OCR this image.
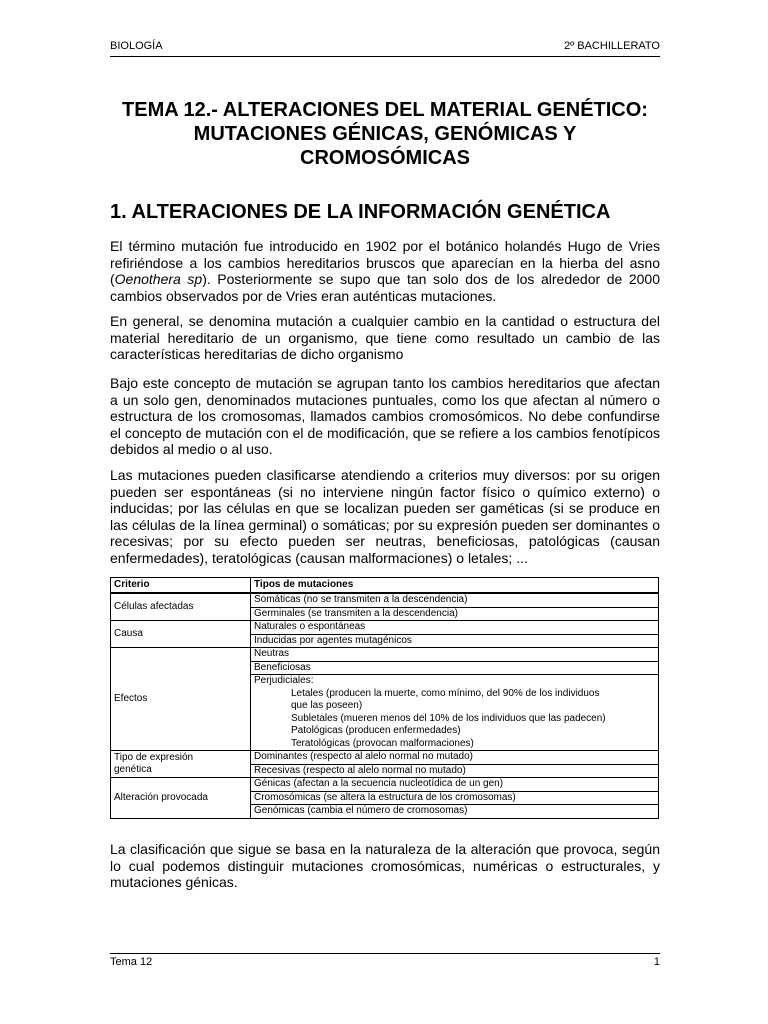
BIOLOGÍA	2º BACHILLERATO
TEMA 12.- ALTERACIONES DEL MATERIAL GENÉTICO:
MUTACIONES GÉNICAS, GENÓMICAS Y
CROMOSÓMICAS
1. ALTERACIONES DE LA INFORMACIÓN GENÉTICA
El término mutación fue introducido en 1902 por el botánico holandés Hugo de Vries refiriéndose a los cambios hereditarios bruscos que aparecían en la hierba del asno (Oenothera sp). Posteriormente se supo que tan solo dos de los alrededor de 2000 cambios observados por de Vries eran auténticas mutaciones.
En general, se denomina mutación a cualquier cambio en la cantidad o estructura del material hereditario de un organismo, que tiene como resultado un cambio de las características hereditarias de dicho organismo
Bajo este concepto de mutación se agrupan tanto los cambios hereditarios que afectan a un solo gen, denominados mutaciones puntuales, como los que afectan al número o estructura de los cromosomas, llamados cambios cromosómicos. No debe confundirse el concepto de mutación con el de modificación, que se refiere a los cambios fenotípicos debidos al medio o al uso.
Las mutaciones pueden clasificarse atendiendo a criterios muy diversos: por su origen pueden ser espontáneas (si no interviene ningún factor físico o químico externo) o inducidas; por las células en que se localizan pueden ser gaméticas (si se produce en las células de la línea germinal) o somáticas; por su expresión pueden ser dominantes o recesivas; por su efecto pueden ser neutras, beneficiosas, patológicas (causan enfermedades), teratológicas (causan malformaciones) o letales; ...
Criterio	Tipos de mutaciones
Células afectadas	Somáticas (no se transmiten a la descendencia)
	Germinales (se transmiten a la descendencia)
Causa	Naturales o espontáneas
	Inducidas por agentes mutagénicos
Efectos	Neutras
	Beneficiosas
	Perjudiciales:

	Letales (producen la muerte, como mínimo, del 90% de los individuos
que las poseen)

	Subletales (mueren menos del 10% de los individuos que las padecen)
	Patológicas (producen enfermedades)
	Teratológicas (provocan malformaciones)

Tipo de expresión
genética	Dominantes (respecto al alelo normal no mutado)
	Recesivas (respecto al alelo normal no mutado)
Alteración provocada	Génicas (afectan a la secuencia nucleotídica de un gen)
	Cromosómicas (se altera la estructura de los cromosomas)
	Genómicas (cambia el número de cromosomas)
La clasificación que sigue se basa en la naturaleza de la alteración que provoca, según lo cual podemos distinguir mutaciones cromosómicas, numéricas o estructurales, y mutaciones génicas.
Tema 12	1
